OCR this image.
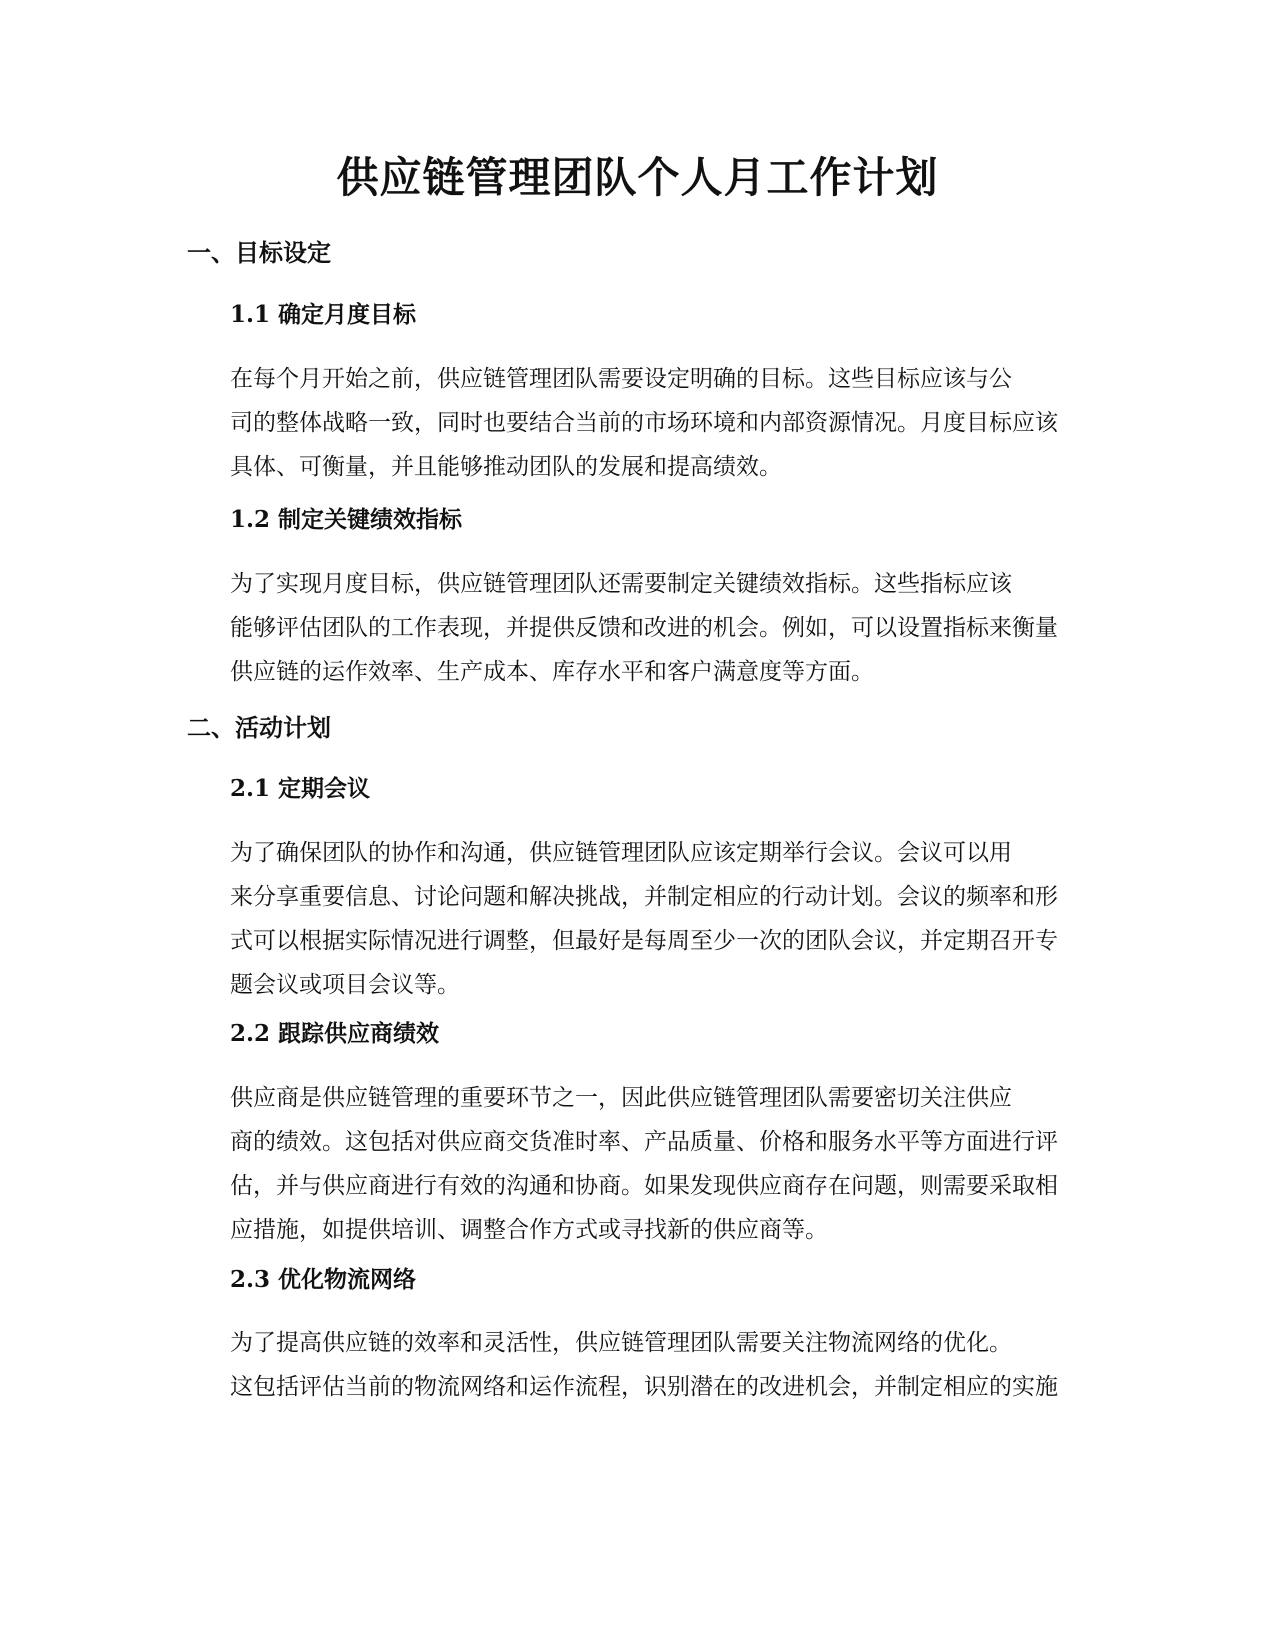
供应链管理团队个人月工作计划
一、目标设定
1.1 确定月度目标

在每个月开始之前，供应链管理团队需要设定明确的目标。这些目标应该与公
司的整体战略一致，同时也要结合当前的市场环境和内部资源情况。月度目标应该
具体、可衡量，并且能够推动团队的发展和提高绩效。

1.2 制定关键绩效指标

为了实现月度目标，供应链管理团队还需要制定关键绩效指标。这些指标应该
能够评估团队的工作表现，并提供反馈和改进的机会。例如，可以设置指标来衡量
供应链的运作效率、生产成本、库存水平和客户满意度等方面。

二、活动计划
2.1 定期会议

为了确保团队的协作和沟通，供应链管理团队应该定期举行会议。会议可以用
来分享重要信息、讨论问题和解决挑战，并制定相应的行动计划。会议的频率和形
式可以根据实际情况进行调整，但最好是每周至少一次的团队会议，并定期召开专
题会议或项目会议等。

2.2 跟踪供应商绩效

供应商是供应链管理的重要环节之一，因此供应链管理团队需要密切关注供应
商的绩效。这包括对供应商交货准时率、产品质量、价格和服务水平等方面进行评
估，并与供应商进行有效的沟通和协商。如果发现供应商存在问题，则需要采取相
应措施，如提供培训、调整合作方式或寻找新的供应商等。

2.3 优化物流网络

为了提高供应链的效率和灵活性，供应链管理团队需要关注物流网络的优化。
这包括评估当前的物流网络和运作流程，识别潜在的改进机会，并制定相应的实施
